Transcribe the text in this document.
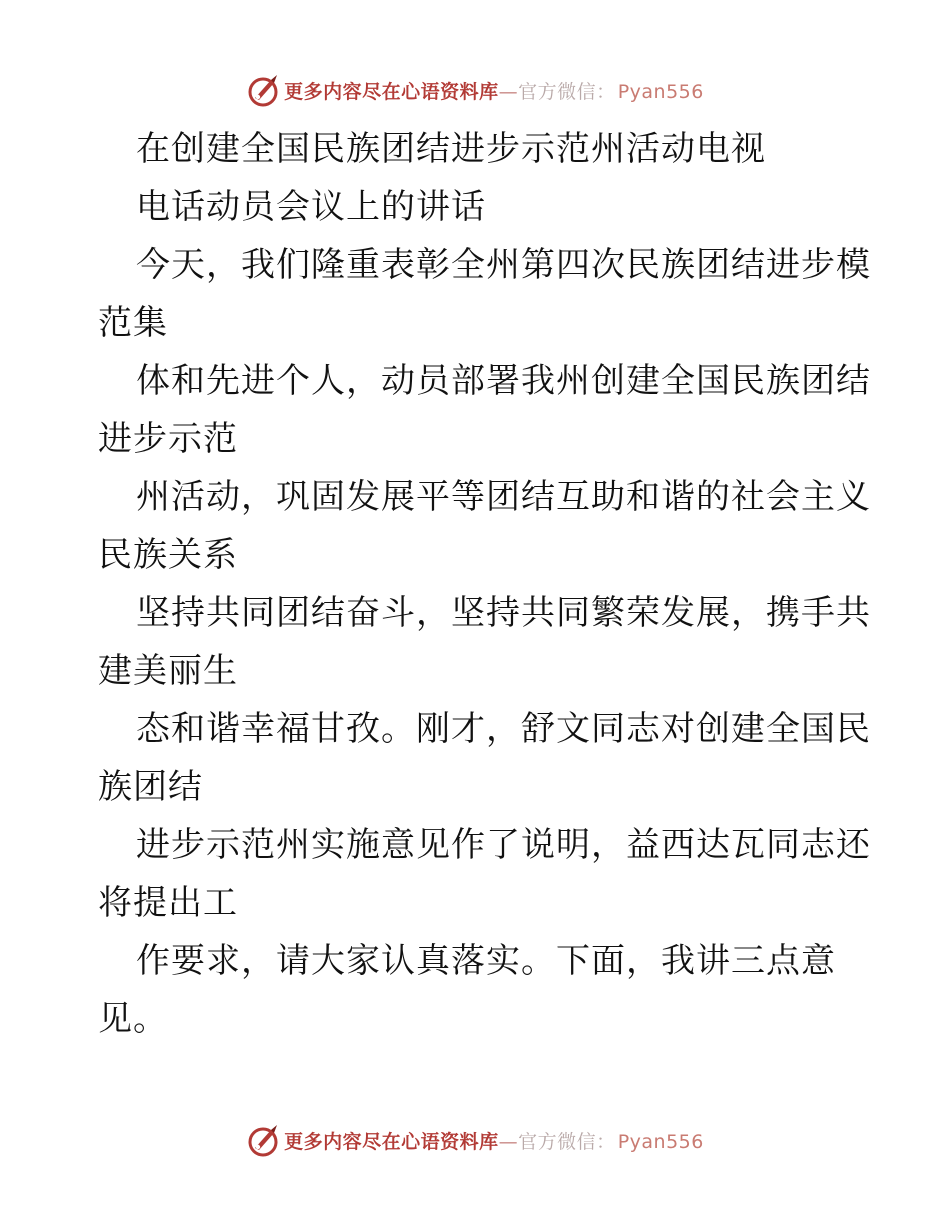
更多内容尽在心语资料库—官方微信： Pyan556
在创建全国民族团结进步示范州活动电视
电话动员会议上的讲话
今天，我们隆重表彰全州第四次民族团结进步模
范集
体和先进个人，动员部署我州创建全国民族团结
进步示范
州活动，巩固发展平等团结互助和谐的社会主义
民族关系
坚持共同团结奋斗，坚持共同繁荣发展，携手共
建美丽生
态和谐幸福甘孜。刚才，舒文同志对创建全国民
族团结
进步示范州实施意见作了说明，益西达瓦同志还
将提出工
作要求，请大家认真落实。下面，我讲三点意
见。
更多内容尽在心语资料库—官方微信： Pyan556
